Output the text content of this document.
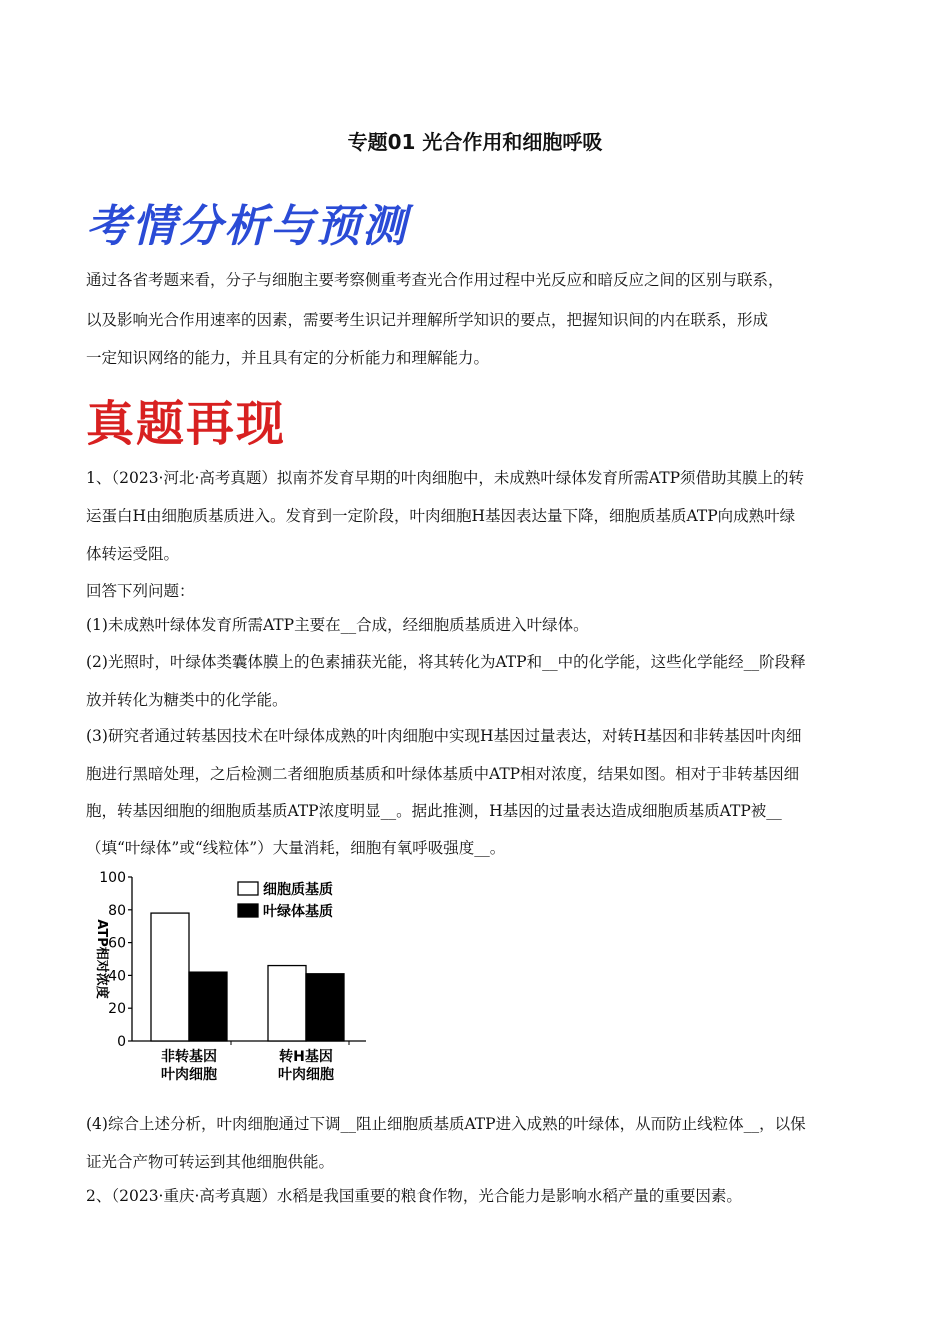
专题01 光合作用和细胞呼吸
考情分析与预测
真题再现
通过各省考题来看，分子与细胞主要考察侧重考查光合作用过程中光反应和暗反应之间的区别与联系，
以及影响光合作用速率的因素，需要考生识记并理解所学知识的要点，把握知识间的内在联系，形成
一定知识网络的能力，并且具有定的分析能力和理解能力。
1、（2023·河北·高考真题）拟南芥发育早期的叶肉细胞中，未成熟叶绿体发育所需ATP须借助其膜上的转
运蛋白H由细胞质基质进入。发育到一定阶段，叶肉细胞H基因表达量下降，细胞质基质ATP向成熟叶绿
体转运受阻。
回答下列问题：
(1)未成熟叶绿体发育所需ATP主要在__合成，经细胞质基质进入叶绿体。
(2)光照时，叶绿体类囊体膜上的色素捕获光能，将其转化为ATP和__中的化学能，这些化学能经__阶段释
放并转化为糖类中的化学能。
(3)研究者通过转基因技术在叶绿体成熟的叶肉细胞中实现H基因过量表达，对转H基因和非转基因叶肉细
胞进行黑暗处理，之后检测二者细胞质基质和叶绿体基质中ATP相对浓度，结果如图。相对于非转基因细
胞，转基因细胞的细胞质基质ATP浓度明显__。据此推测，H基因的过量表达造成细胞质基质ATP被__
（填“叶绿体”或“线粒体”）大量消耗，细胞有氧呼吸强度__。
细胞质基质
叶绿体基质
0
20
40
60
80
100
ATP相对浓度
非转基因
叶肉细胞
转H基因
叶肉细胞
(4)综合上述分析，叶肉细胞通过下调__阻止细胞质基质ATP进入成熟的叶绿体，从而防止线粒体__，以保
证光合产物可转运到其他细胞供能。
2、（2023·重庆·高考真题）水稻是我国重要的粮食作物，光合能力是影响水稻产量的重要因素。
